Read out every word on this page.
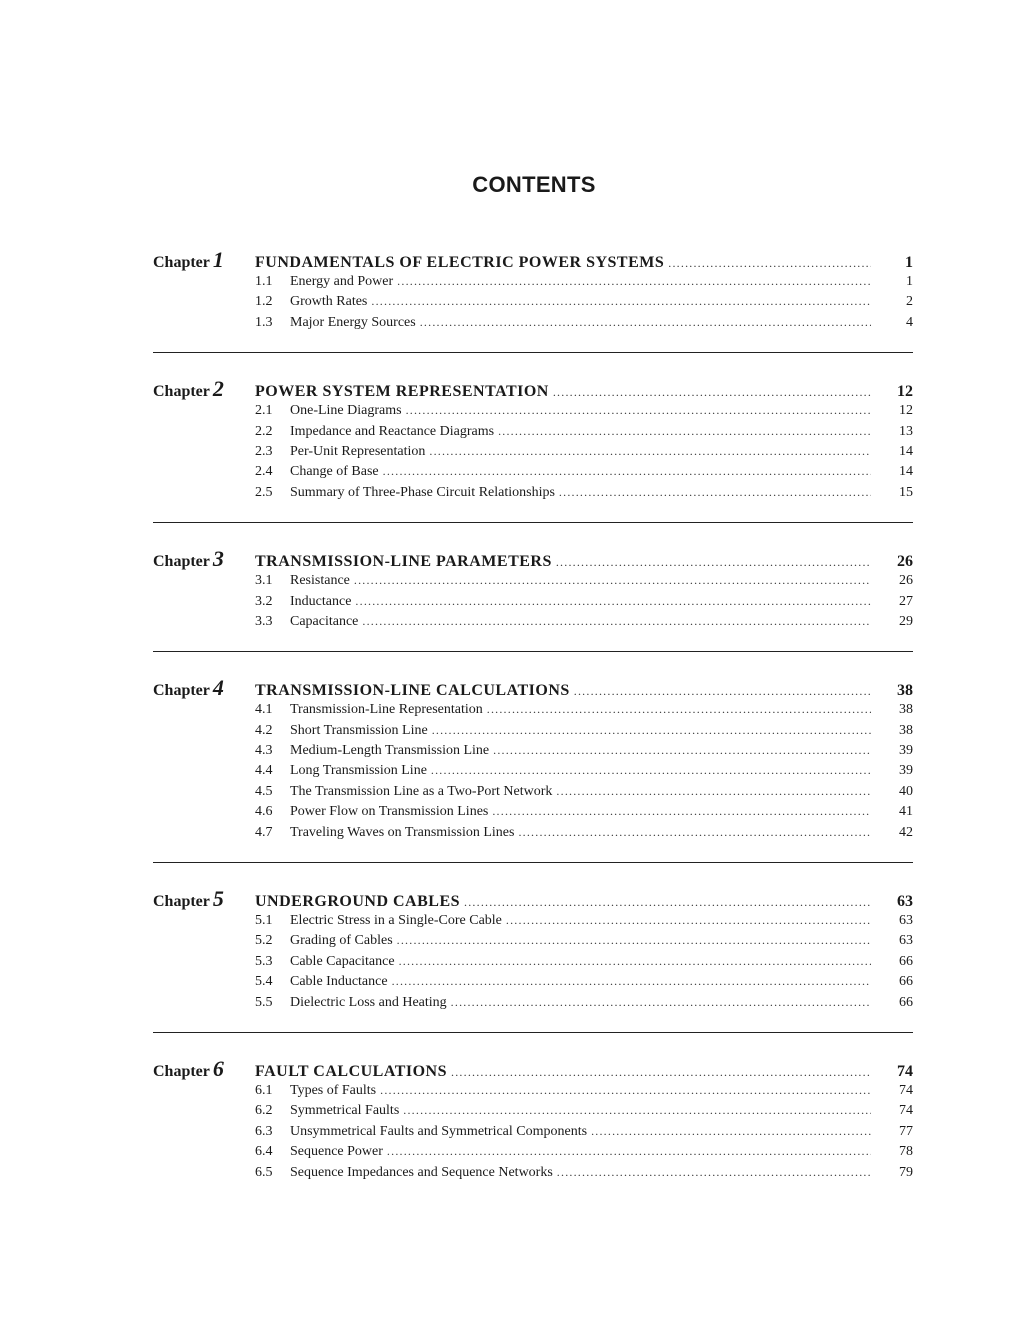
CONTENTS
Chapter 1	FUNDAMENTALS OF ELECTRIC POWER SYSTEMS .....	1
1.1	Energy and Power .....	1
1.2	Growth Rates .....	2
1.3	Major Energy Sources .....	4
Chapter 2	POWER SYSTEM REPRESENTATION .....	12
2.1	One-Line Diagrams .....	12
2.2	Impedance and Reactance Diagrams .....	13
2.3	Per-Unit Representation .....	14
2.4	Change of Base .....	14
2.5	Summary of Three-Phase Circuit Relationships .....	15
Chapter 3	TRANSMISSION-LINE PARAMETERS .....	26
3.1	Resistance .....	26
3.2	Inductance .....	27
3.3	Capacitance .....	29
Chapter 4	TRANSMISSION-LINE CALCULATIONS .....	38
4.1	Transmission-Line Representation .....	38
4.2	Short Transmission Line .....	38
4.3	Medium-Length Transmission Line .....	39
4.4	Long Transmission Line .....	39
4.5	The Transmission Line as a Two-Port Network .....	40
4.6	Power Flow on Transmission Lines .....	41
4.7	Traveling Waves on Transmission Lines .....	42
Chapter 5	UNDERGROUND CABLES .....	63
5.1	Electric Stress in a Single-Core Cable .....	63
5.2	Grading of Cables .....	63
5.3	Cable Capacitance .....	66
5.4	Cable Inductance .....	66
5.5	Dielectric Loss and Heating .....	66
Chapter 6	FAULT CALCULATIONS .....	74
6.1	Types of Faults .....	74
6.2	Symmetrical Faults .....	74
6.3	Unsymmetrical Faults and Symmetrical Components .....	77
6.4	Sequence Power .....	78
6.5	Sequence Impedances and Sequence Networks .....	79
